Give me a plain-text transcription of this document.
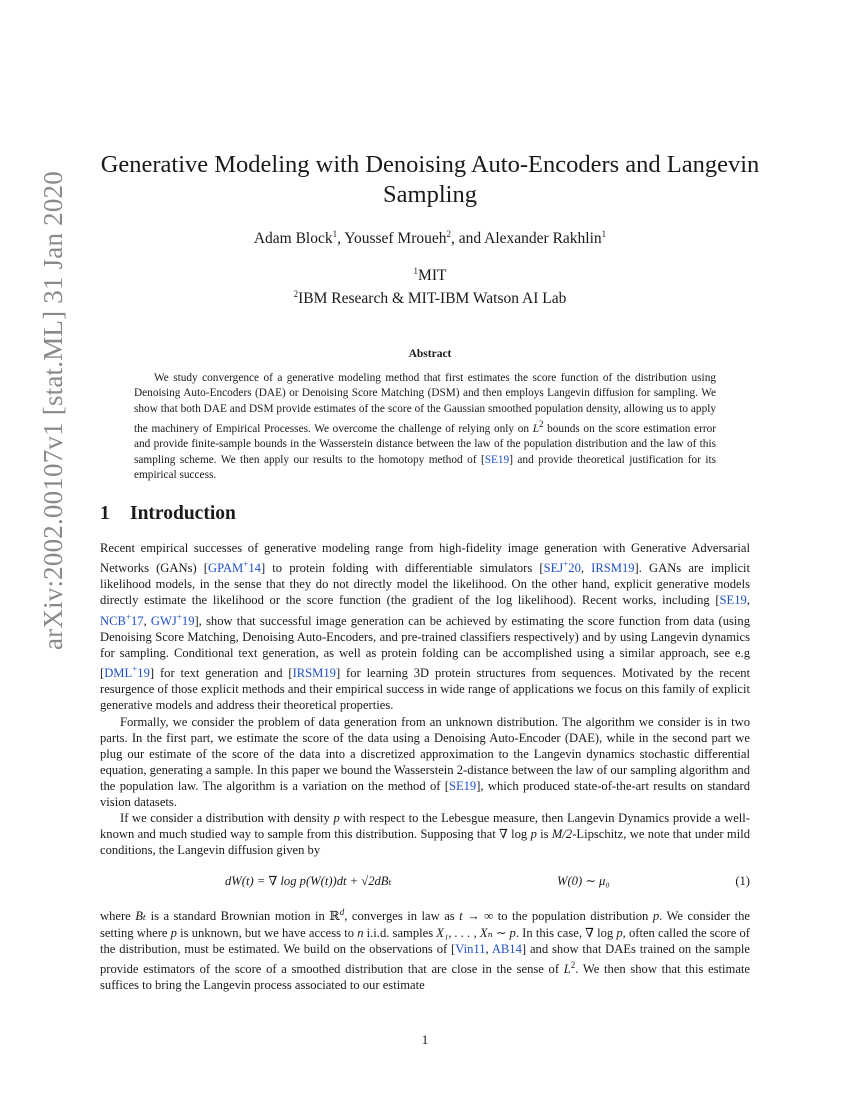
arXiv:2002.00107v1 [stat.ML] 31 Jan 2020
Generative Modeling with Denoising Auto-Encoders and Langevin Sampling
Adam Block$^1$, Youssef Mroueh$^2$, and Alexander Rakhlin$^1$
$^1$MIT
$^2$IBM Research & MIT-IBM Watson AI Lab
Abstract
We study convergence of a generative modeling method that first estimates the score function of the distribution using Denoising Auto-Encoders (DAE) or Denoising Score Matching (DSM) and then employs Langevin diffusion for sampling. We show that both DAE and DSM provide estimates of the score of the Gaussian smoothed population density, allowing us to apply the machinery of Empirical Processes. We overcome the challenge of relying only on $L^2$ bounds on the score estimation error and provide finite-sample bounds in the Wasserstein distance between the law of the population distribution and the law of this sampling scheme. We then apply our results to the homotopy method of [SE19] and provide theoretical justification for its empirical success.
1 Introduction

Recent empirical successes of generative modeling range from high-fidelity image generation with Generative Adversarial Networks (GANs) [GPAM+14] to protein folding with differentiable simulators [SEJ+20, IRSM19]. GANs are implicit likelihood models, in the sense that they do not directly model the likelihood. On the other hand, explicit generative models directly estimate the likelihood or the score function (the gradient of the log likelihood). Recent works, including [SE19, NCB+17, GWJ+19], show that successful image generation can be achieved by estimating the score function from data (using Denoising Score Matching, Denoising Auto-Encoders, and pre-trained classifiers respectively) and by using Langevin dynamics for sampling. Conditional text generation, as well as protein folding can be accomplished using a similar approach, see e.g [DML+19] for text generation and [IRSM19] for learning 3D protein structures from sequences. Motivated by the recent resurgence of those explicit methods and their empirical success in wide range of applications we focus on this family of explicit generative models and address their theoretical properties.

Formally, we consider the problem of data generation from an unknown distribution. The algorithm we consider is in two parts. In the first part, we estimate the score of the data using a Denoising Auto-Encoder (DAE), while in the second part we plug our estimate of the score of the data into a discretized approximation to the Langevin dynamics stochastic differential equation, generating a sample. In this paper we bound the Wasserstein 2-distance between the law of our sampling algorithm and the population law. The algorithm is a variation on the method of [SE19], which produced state-of-the-art results on standard vision datasets.

If we consider a distribution with density p with respect to the Lebesgue measure, then Langevin Dynamics provide a well-known and much studied way to sample from this distribution. Supposing that ∇ log p is M/2-Lipschitz, we note that under mild conditions, the Langevin diffusion given by

dW(t) = ∇ log p(W(t))dt + √2dBₜ	W(0) ∼ μ₀	(1)

where Bₜ is a standard Brownian motion in ℝ$^d$, converges in law as t → ∞ to the population distribution p. We consider the setting where p is unknown, but we have access to n i.i.d. samples X₁, . . . , Xₙ ∼ p. In this case, ∇ log p, often called the score of the distribution, must be estimated. We build on the observations of [Vin11, AB14] and show that DAEs trained on the sample provide estimators of the score of a smoothed distribution that are close in the sense of $L^2$. We then show that this estimate suffices to bring the Langevin process associated to our estimate

1
